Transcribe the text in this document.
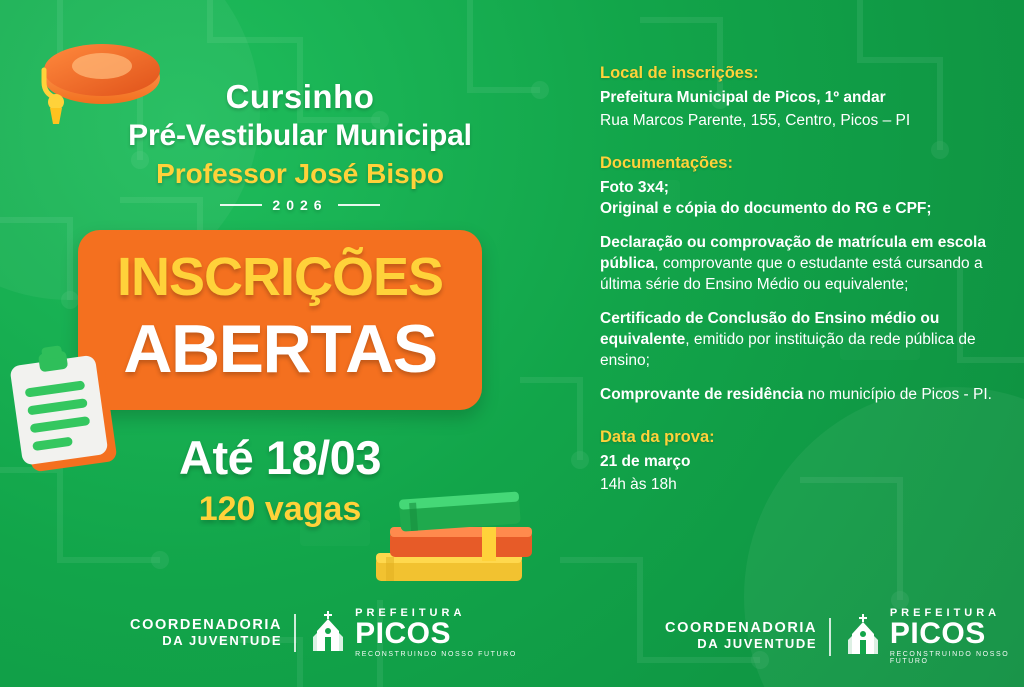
Cursinho
Pré-Vestibular Municipal
Professor José Bispo
2026
INSCRIÇÕES
ABERTAS
Até 18/03
120 vagas
Local de inscrições:
Prefeitura Municipal de Picos, 1º andar
Rua Marcos Parente, 155, Centro, Picos – PI
Documentações:
Foto 3x4;
Original e cópia do documento do RG e CPF;
Declaração ou comprovação de matrícula em escola pública, comprovante que o estudante está cursando a última série do Ensino Médio ou equivalente;
Certificado de Conclusão do Ensino médio ou equivalente, emitido por instituição da rede pública de ensino;
Comprovante de residência no município de Picos - PI.
Data da prova:
21 de março
14h às 18h
COORDENADORIA
DA JUVENTUDE
PREFEITURA
PICOS
RECONSTRUINDO NOSSO FUTURO
COORDENADORIA
DA JUVENTUDE
PREFEITURA
PICOS
RECONSTRUINDO NOSSO FUTURO
